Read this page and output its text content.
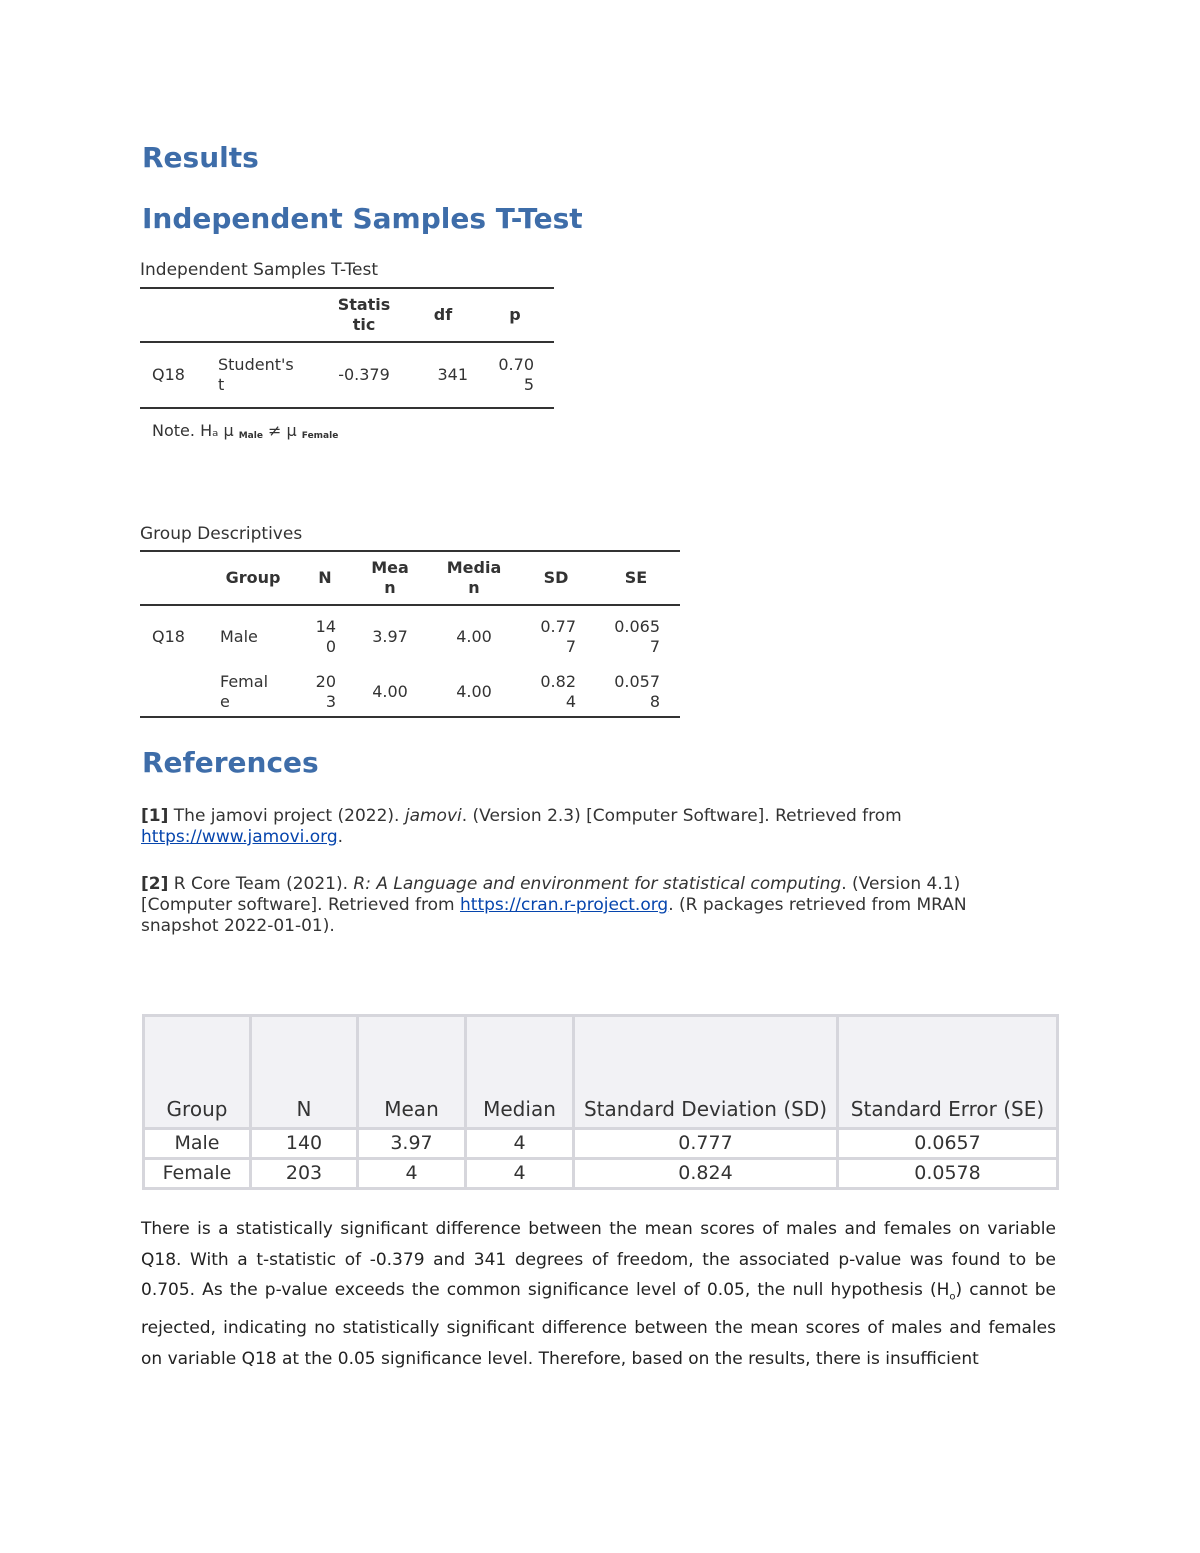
Results
Independent Samples T-Test
Independent Samples T-Test
		Statistic	df	p
Q18	Student's t	-0.379	341	0.705
Note. Hₐ μ $_{Male}$ ≠ μ $_{Female}$
Group Descriptives
	Group	N	Mean	Median	SD	SE
Q18	Male	140	3.97	4.00	0.777	0.0657
	Female	203	4.00	4.00	0.824	0.0578
References
[1] The jamovi project (2022). jamovi. (Version 2.3) [Computer Software]. Retrieved from https://www.jamovi.org.
[2] R Core Team (2021). R: A Language and environment for statistical computing. (Version 4.1) [Computer software]. Retrieved from https://cran.r-project.org. (R packages retrieved from MRAN snapshot 2022-01-01).
Group	N	Mean	Median	Standard Deviation (SD)	Standard Error (SE)
Male	140	3.97	4	0.777	0.0657
Female	203	4	4	0.824	0.0578
There is a statistically significant difference between the mean scores of males and females on variable Q18. With a t-statistic of -0.379 and 341 degrees of freedom, the associated p-value was found to be 0.705. As the p-value exceeds the common significance level of 0.05, the null hypothesis $(H_o)$ cannot be rejected, indicating no statistically significant difference between the mean scores of males and females on variable Q18 at the 0.05 significance level. Therefore, based on the results, there is insufficient
